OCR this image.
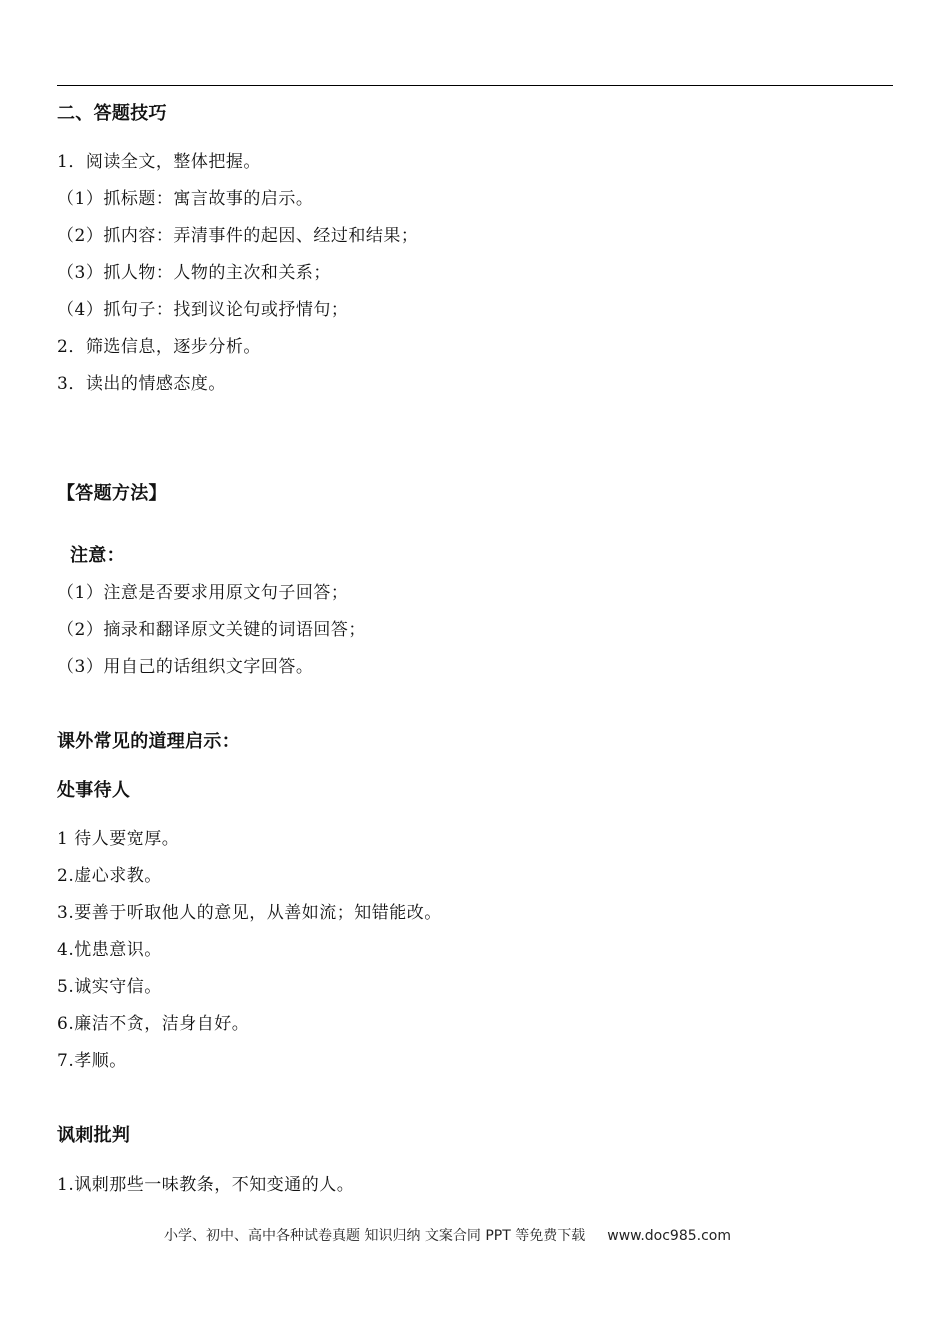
二、答题技巧
1．阅读全文，整体把握。
（1）抓标题：寓言故事的启示。
（2）抓内容：弄清事件的起因、经过和结果；
（3）抓人物：人物的主次和关系；
（4）抓句子：找到议论句或抒情句；
2．筛选信息，逐步分析。
3．读出的情感态度。
【答题方法】
注意：
（1）注意是否要求用原文句子回答；
（2）摘录和翻译原文关键的词语回答；
（3）用自己的话组织文字回答。
课外常见的道理启示：
处事待人
1 待人要宽厚。
2.虚心求教。
3.要善于听取他人的意见，从善如流；知错能改。
4.忧患意识。
5.诚实守信。
6.廉洁不贪，洁身自好。
7.孝顺。
讽刺批判
1.讽刺那些一味教条，不知变通的人。
小学、初中、高中各种试卷真题 知识归纳 文案合同 PPT 等免费下载 www.doc985.com
